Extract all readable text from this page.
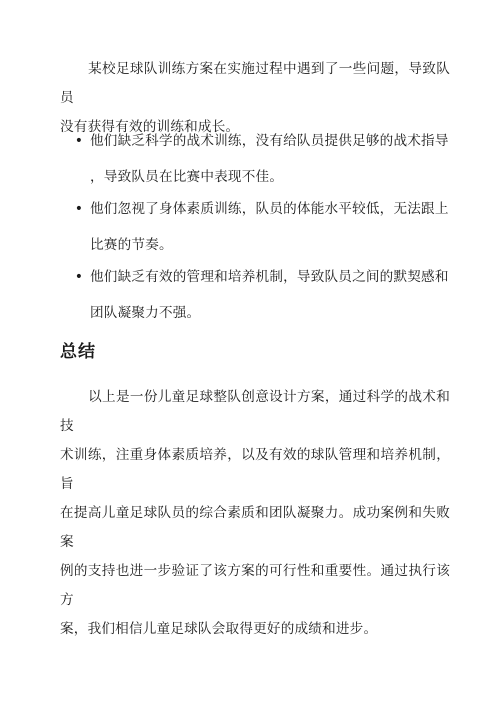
某校足球队训练方案在实施过程中遇到了一些问题，导致队员
没有获得有效的训练和成长。
• 他们缺乏科学的战术训练，没有给队员提供足够的战术指导
，导致队员在比赛中表现不佳。
• 他们忽视了身体素质训练，队员的体能水平较低，无法跟上
比赛的节奏。
• 他们缺乏有效的管理和培养机制，导致队员之间的默契感和
团队凝聚力不强。
总结
以上是一份儿童足球整队创意设计方案，通过科学的战术和技
术训练，注重身体素质培养，以及有效的球队管理和培养机制，旨
在提高儿童足球队员的综合素质和团队凝聚力。成功案例和失败案
例的支持也进一步验证了该方案的可行性和重要性。通过执行该方
案，我们相信儿童足球队会取得更好的成绩和进步。
